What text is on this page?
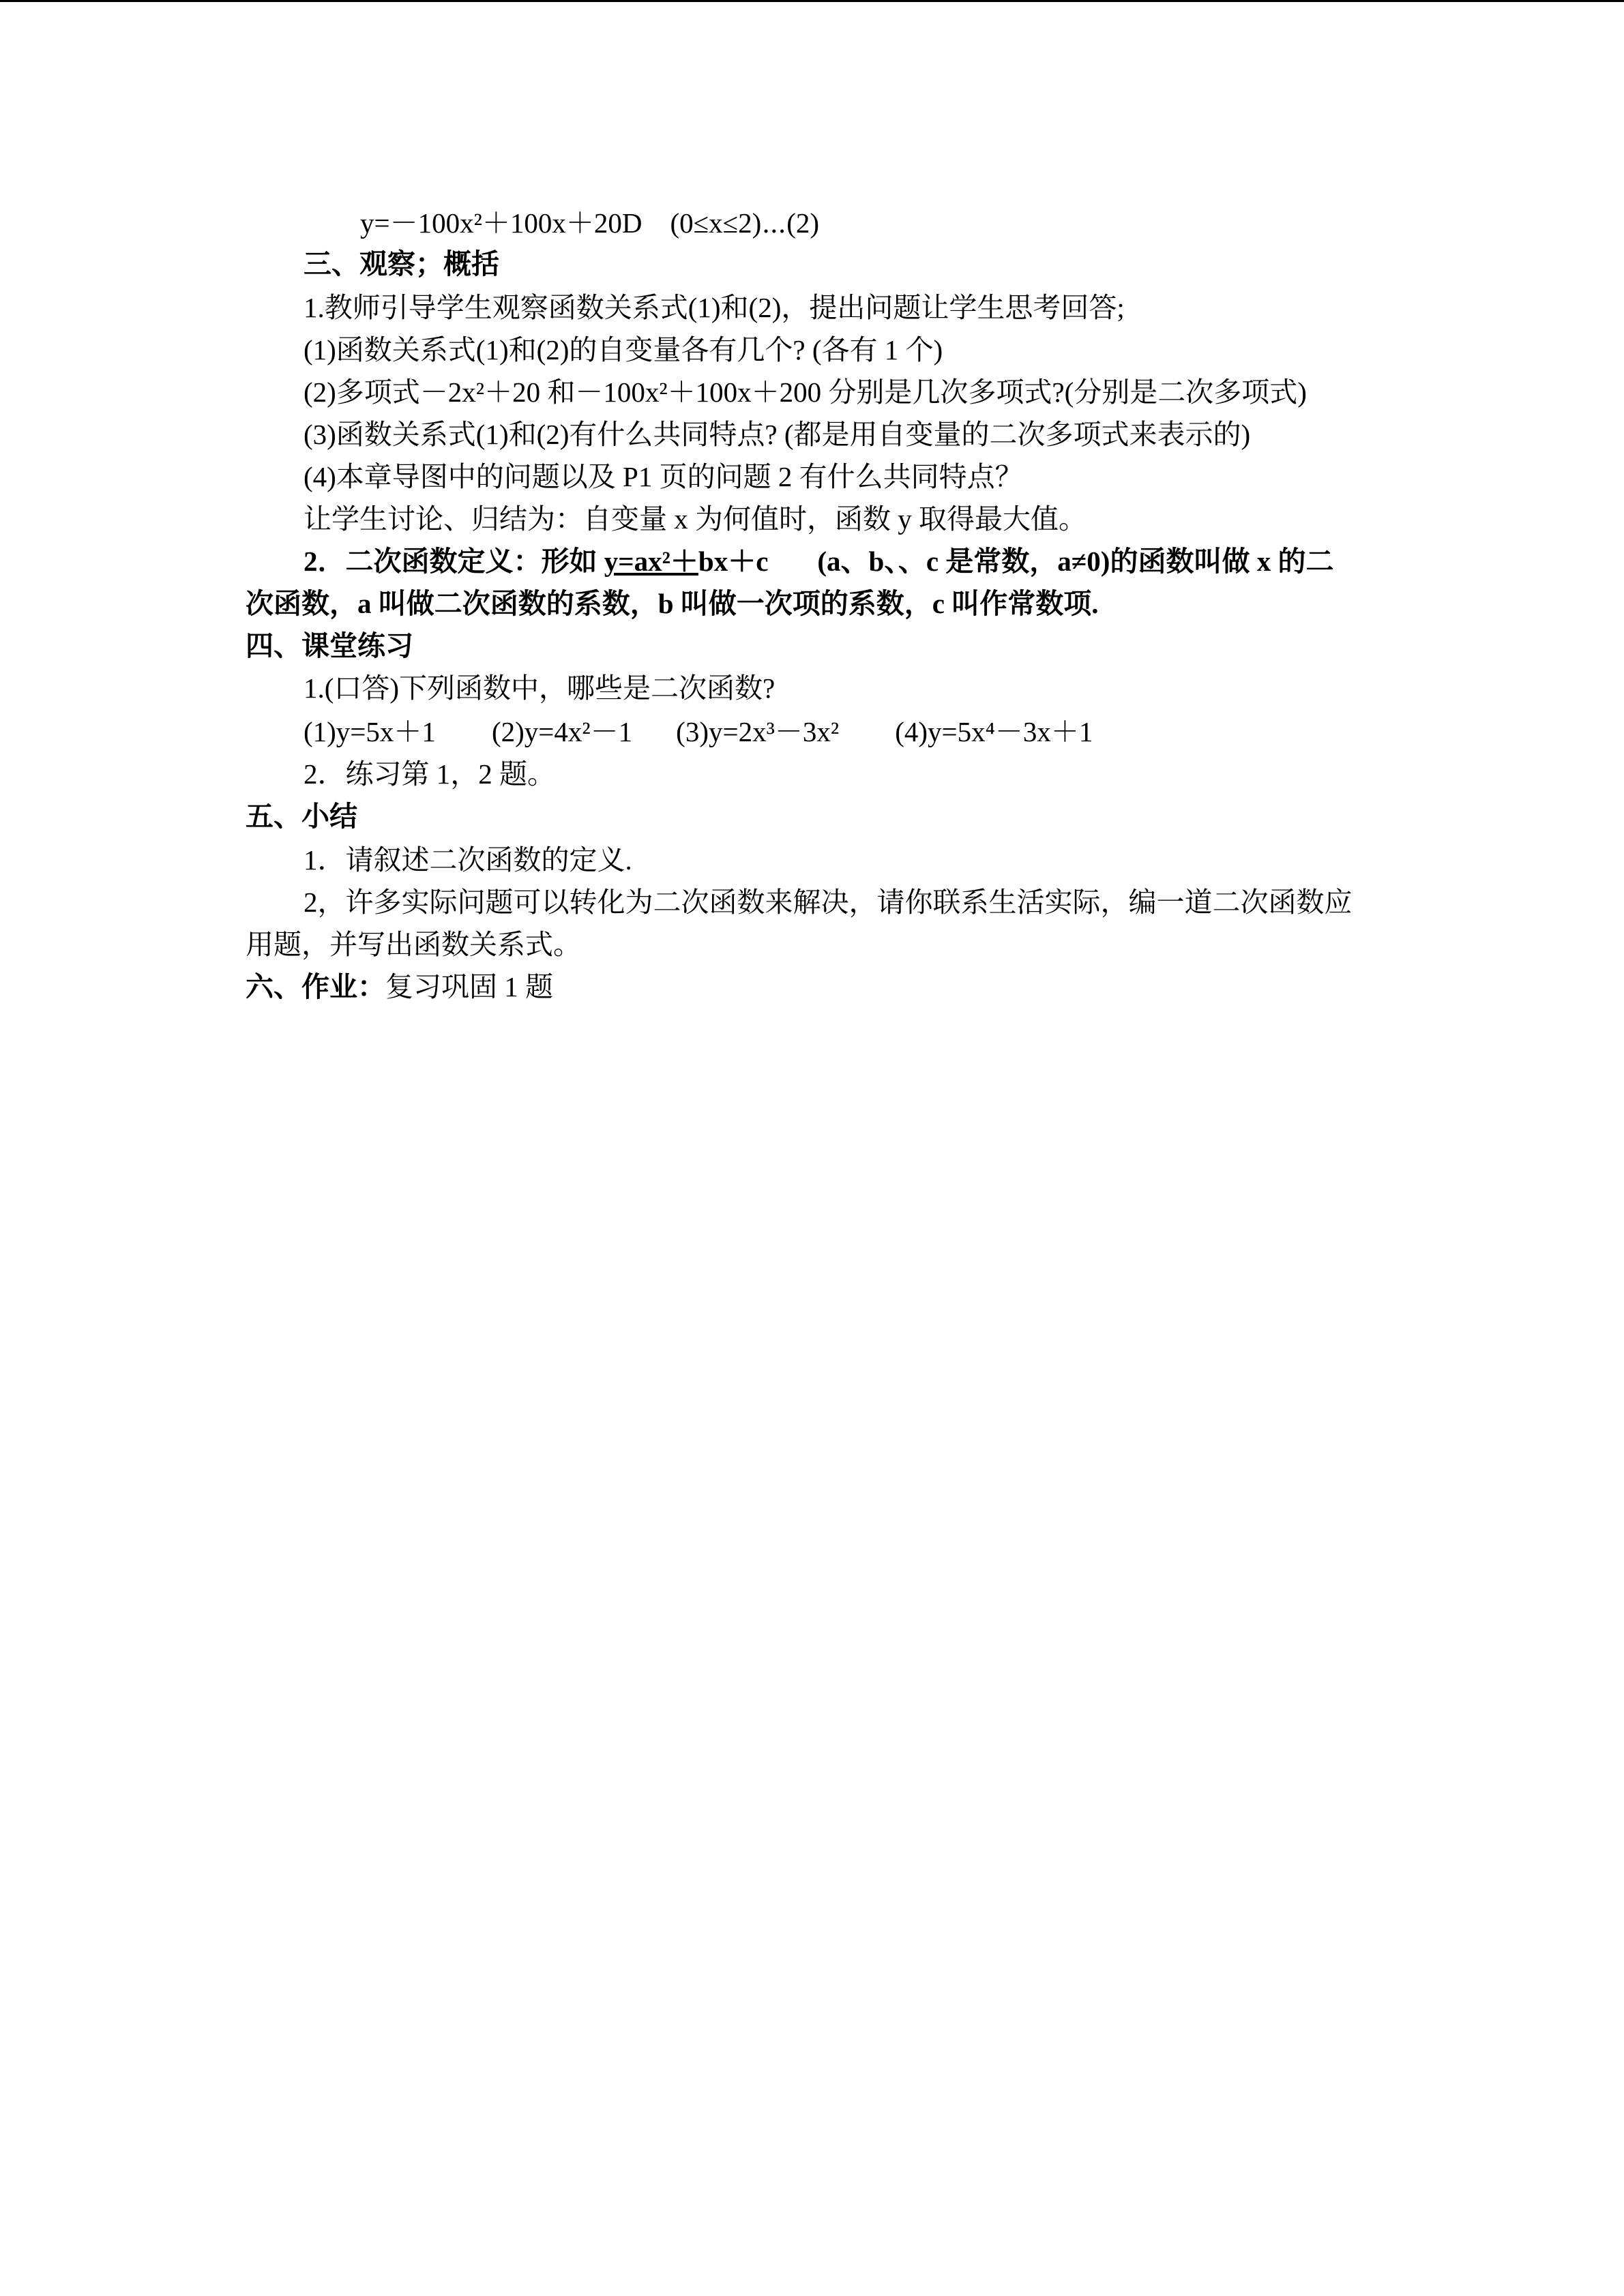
y=－100x²＋100x＋20D　(0≤x≤2)⋯(2)
三、观察；概括
1.教师引导学生观察函数关系式(1)和(2)，提出问题让学生思考回答;
(1)函数关系式(1)和(2)的自变量各有几个? (各有 1 个)
(2)多项式－2x²＋20 和－100x²＋100x＋200 分别是几次多项式?(分别是二次多项式)
(3)函数关系式(1)和(2)有什么共同特点? (都是用自变量的二次多项式来表示的)
(4)本章导图中的问题以及 P1 页的问题 2 有什么共同特点？
让学生讨论、归结为：自变量 x 为何值时，函数 y 取得最大值。
2．二次函数定义：形如 y=ax²＋bx＋c (a、b、、c 是常数，a≠0)的函数叫做 x 的二
次函数，a 叫做二次函数的系数，b 叫做一次项的系数，c 叫作常数项.
四、课堂练习
1.(口答)下列函数中，哪些是二次函数?
(1)y=5x＋1 (2)y=4x²－1 (3)y=2x³－3x² (4)y=5x⁴－3x＋1
2．练习第 1，2 题。
五、小结
1．请叙述二次函数的定义.
2，许多实际问题可以转化为二次函数来解决，请你联系生活实际，编一道二次函数应
用题，并写出函数关系式。
六、作业：复习巩固 1 题
